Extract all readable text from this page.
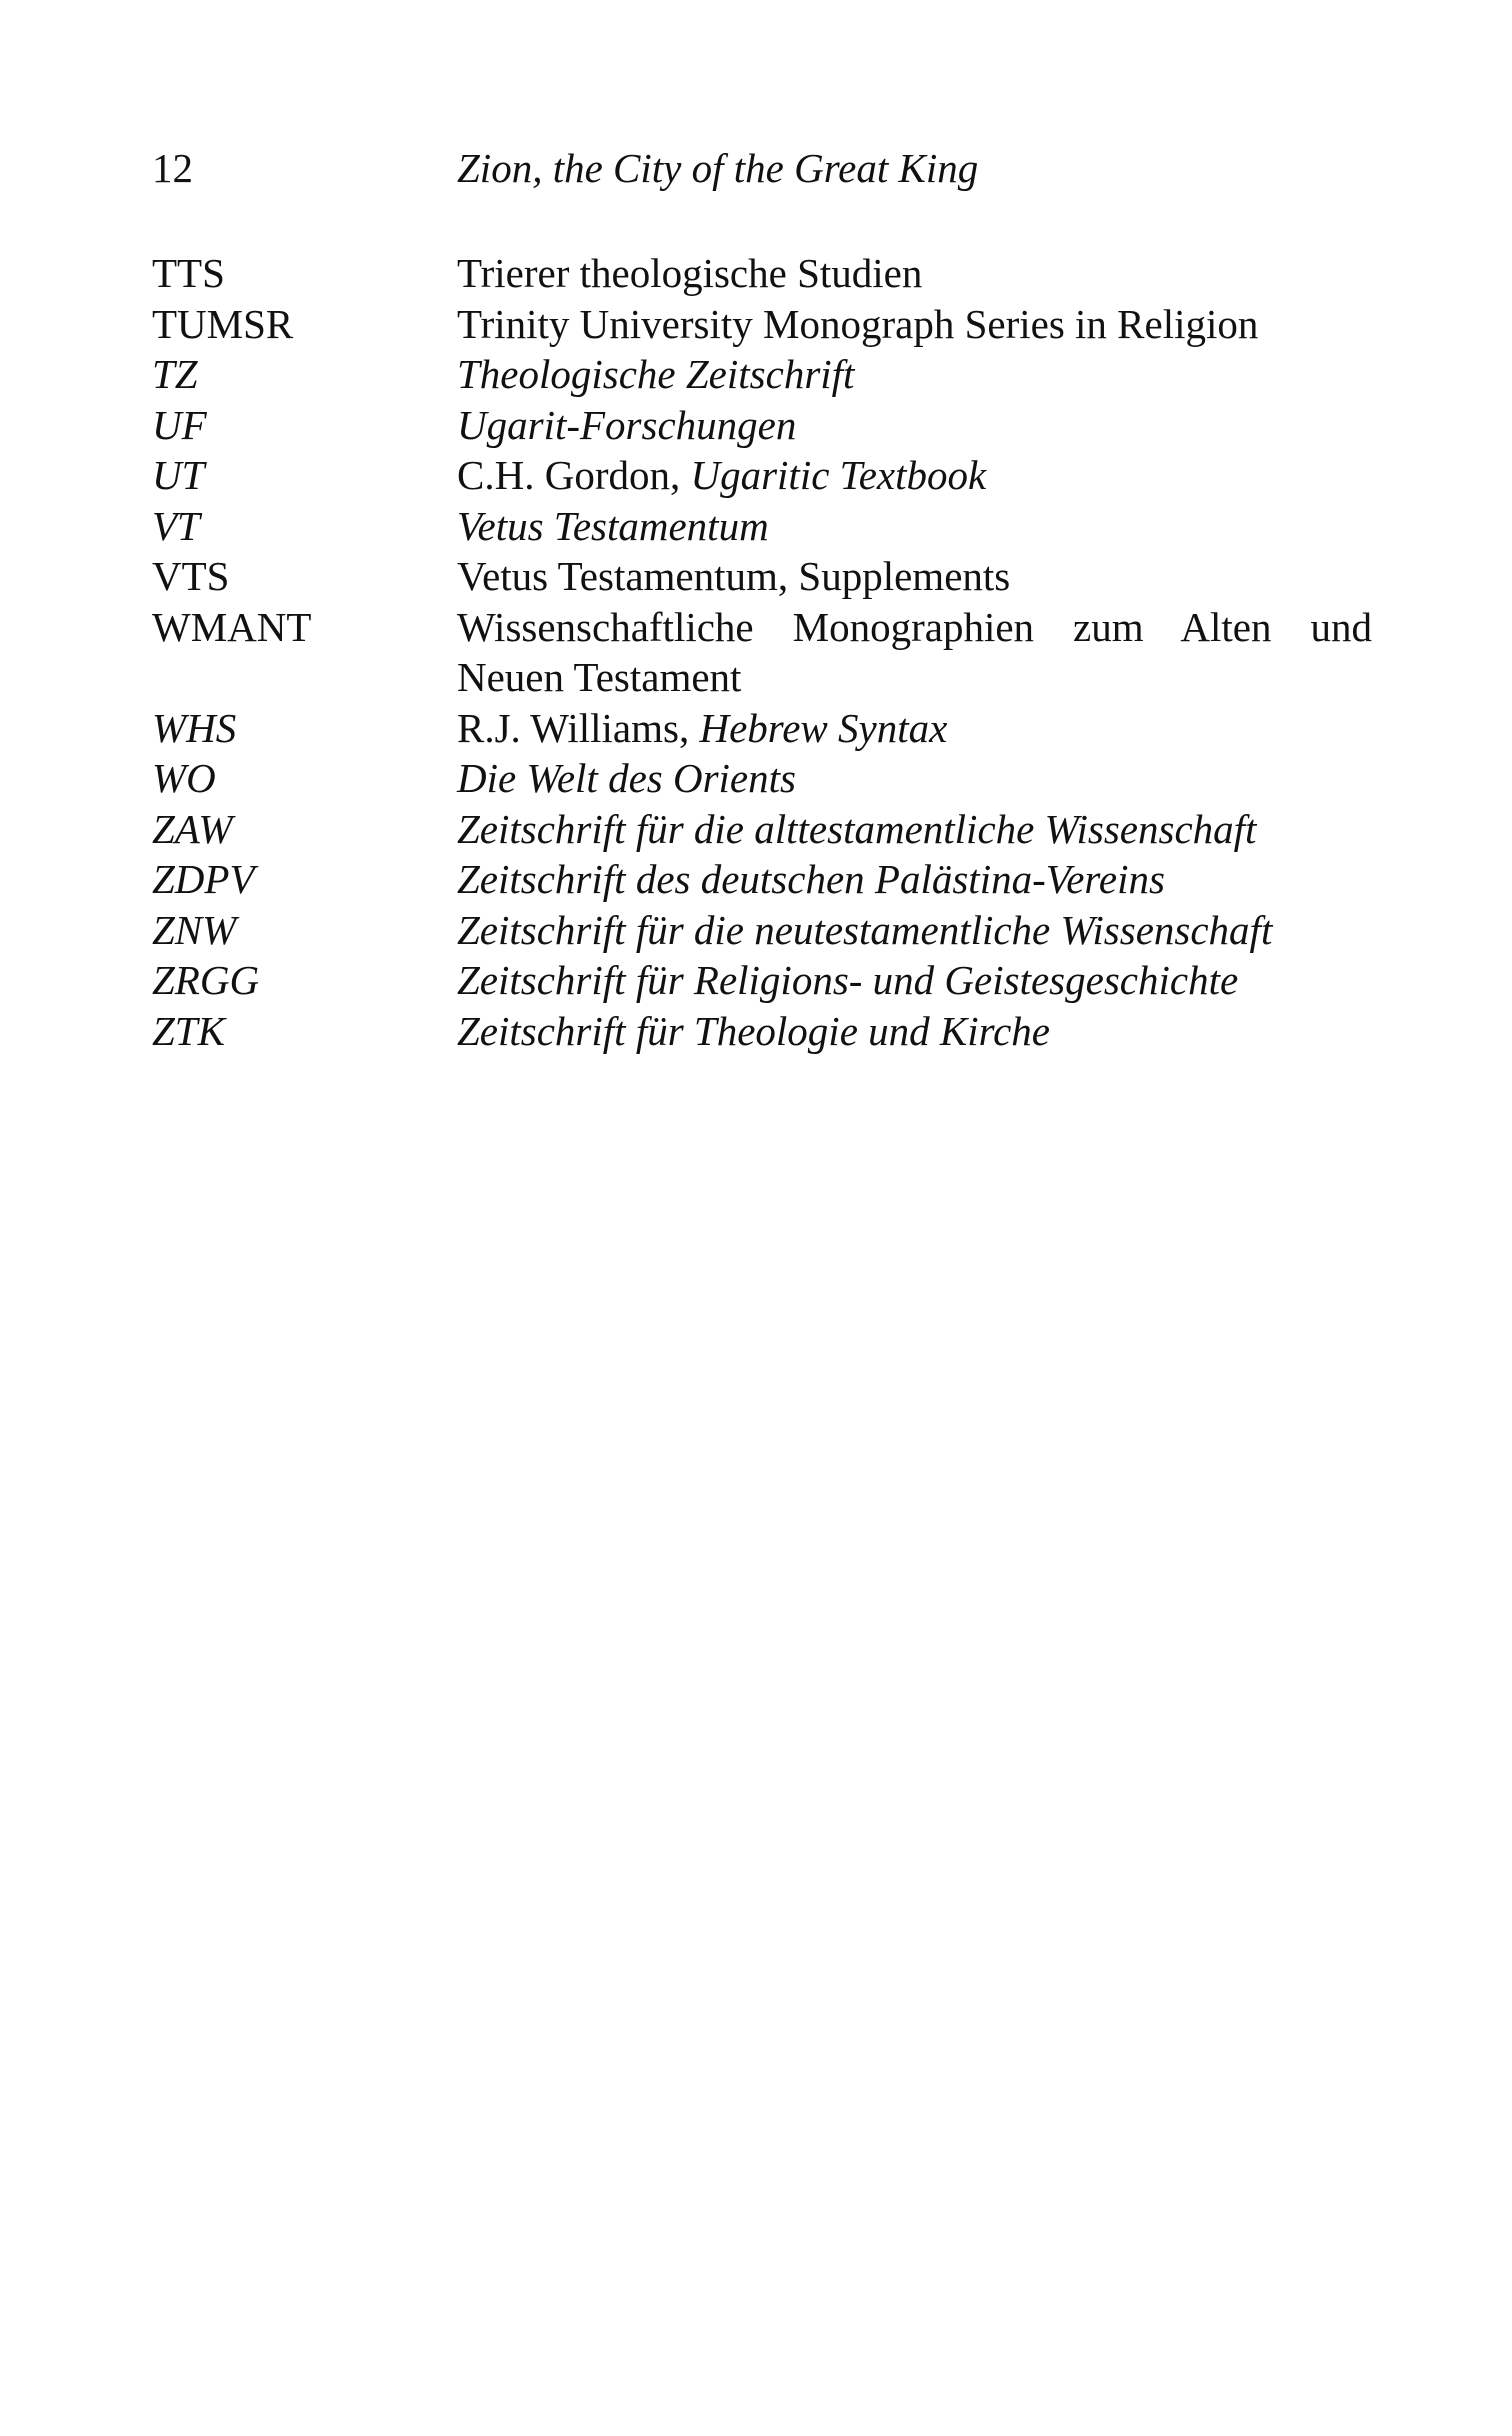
12	Zion, the City of the Great King
TTS	Trierer theologische Studien
TUMSR	Trinity University Monograph Series in Religion
TZ	Theologische Zeitschrift
UF	Ugarit-Forschungen
UT	C.H. Gordon, Ugaritic Textbook
VT	Vetus Testamentum
VTS	Vetus Testamentum, Supplements
WMANT	Wissenschaftliche Monographien zum Alten und Neuen Testament
WHS	R.J. Williams, Hebrew Syntax
WO	Die Welt des Orients
ZAW	Zeitschrift für die alttestamentliche Wissenschaft
ZDPV	Zeitschrift des deutschen Palästina-Vereins
ZNW	Zeitschrift für die neutestamentliche Wissenschaft
ZRGG	Zeitschrift für Religions- und Geistesgeschichte
ZTK	Zeitschrift für Theologie und Kirche
